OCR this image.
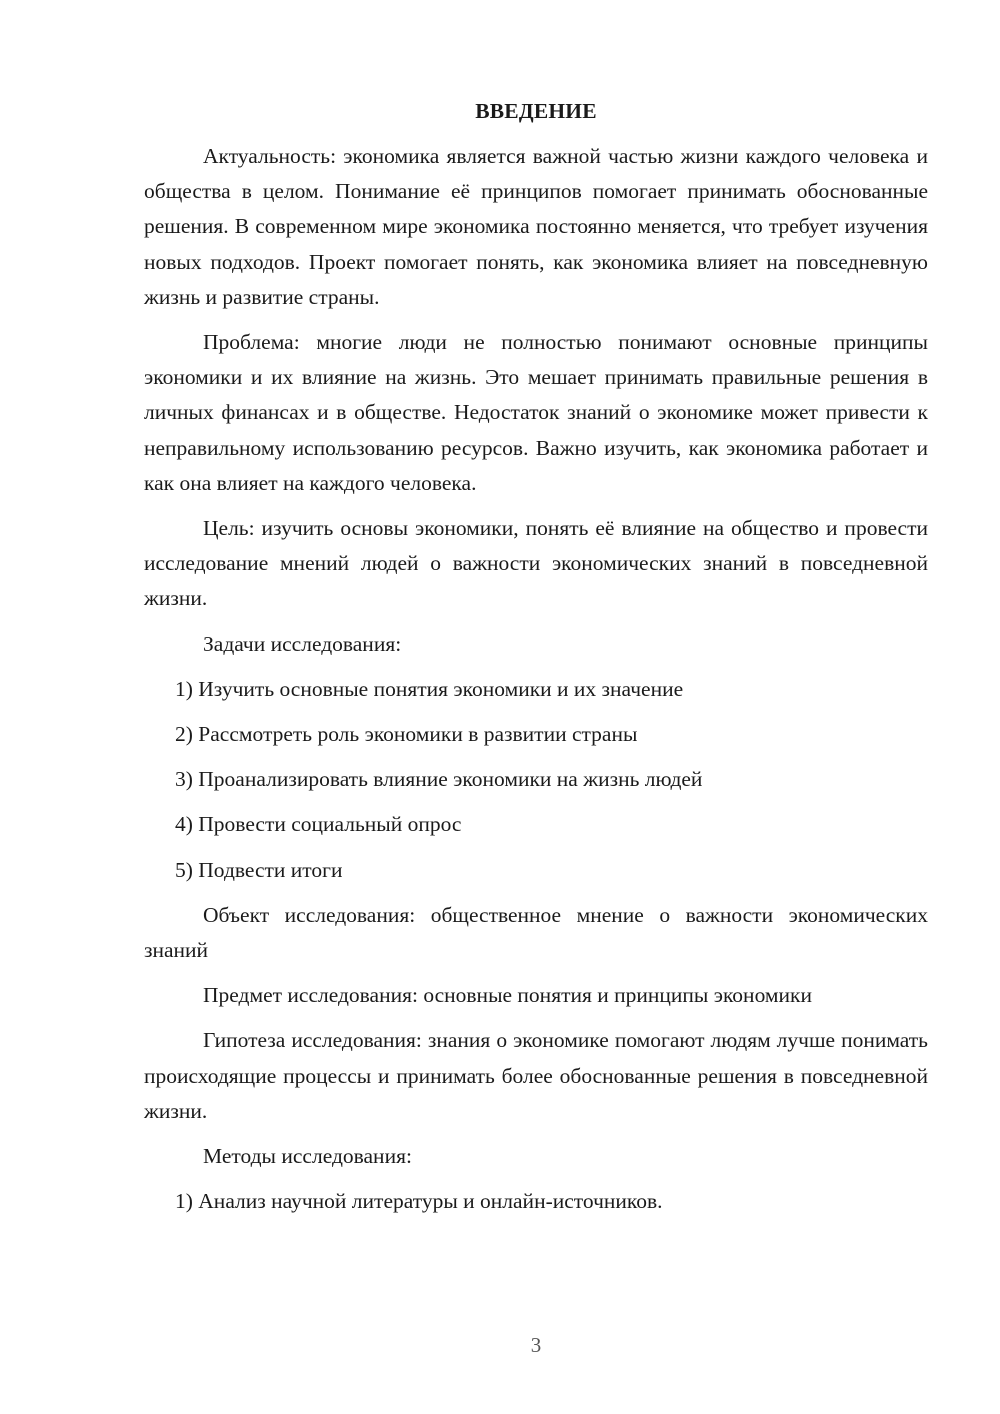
ВВЕДЕНИЕ
Актуальность: экономика является важной частью жизни каждого человека и общества в целом. Понимание её принципов помогает принимать обоснованные решения. В современном мире экономика постоянно меняется, что требует изучения новых подходов. Проект помогает понять, как экономика влияет на повседневную жизнь и развитие страны.
Проблема: многие люди не полностью понимают основные принципы экономики и их влияние на жизнь. Это мешает принимать правильные решения в личных финансах и в обществе. Недостаток знаний о экономике может привести к неправильному использованию ресурсов. Важно изучить, как экономика работает и как она влияет на каждого человека.
Цель: изучить основы экономики, понять её влияние на общество и провести исследование мнений людей о важности экономических знаний в повседневной жизни.
Задачи исследования:
1) Изучить основные понятия экономики и их значение
2) Рассмотреть роль экономики в развитии страны
3) Проанализировать влияние экономики на жизнь людей
4) Провести социальный опрос
5) Подвести итоги
Объект исследования: общественное мнение о важности экономических знаний
Предмет исследования: основные понятия и принципы экономики
Гипотеза исследования: знания о экономике помогают людям лучше понимать происходящие процессы и принимать более обоснованные решения в повседневной жизни.
Методы исследования:
1) Анализ научной литературы и онлайн-источников.
3
